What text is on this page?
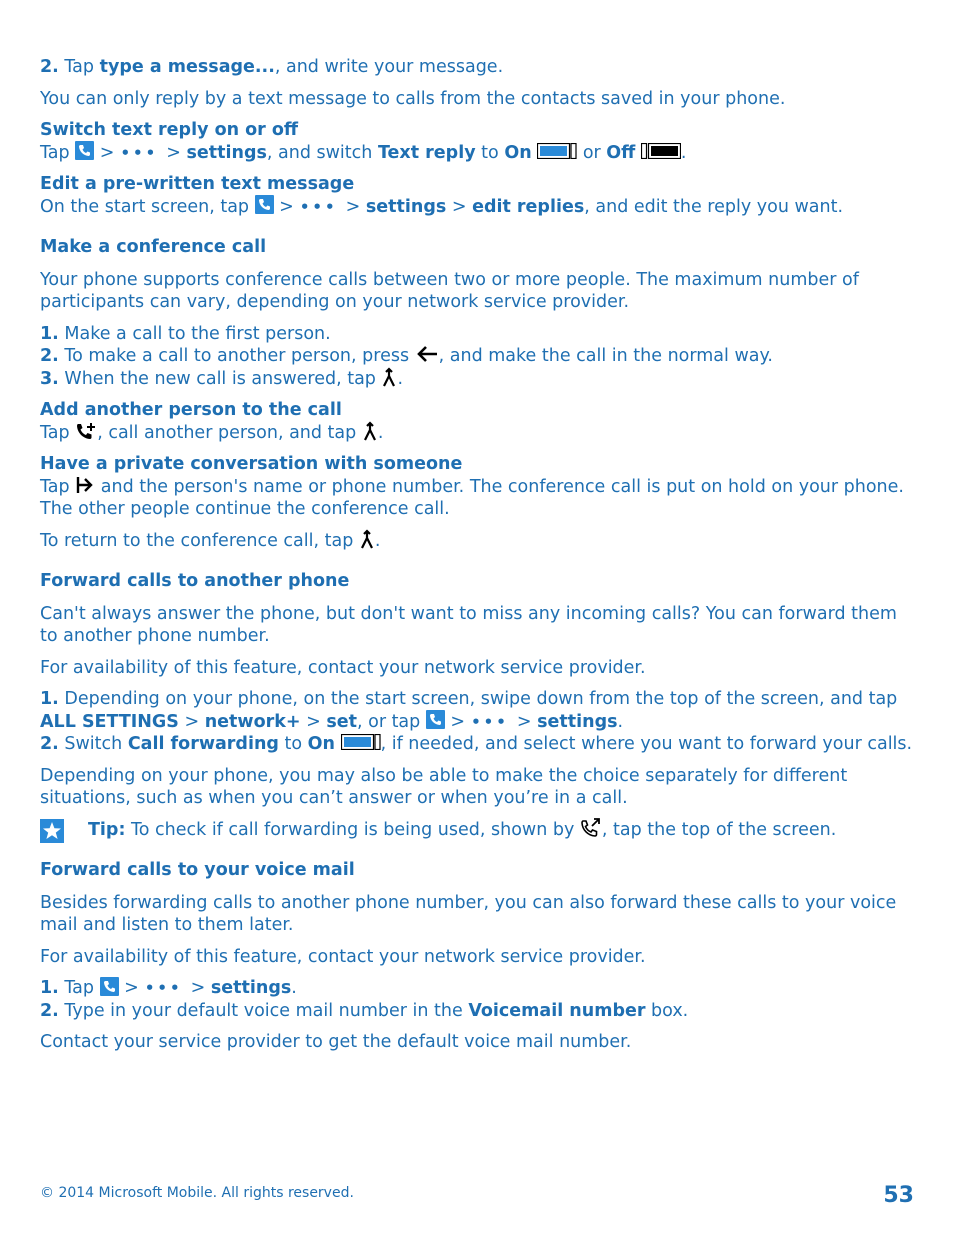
2. Tap type a message..., and write your message.
You can only reply by a text message to calls from the contacts saved in your phone.
Switch text reply on or off
Tap
> ••• > settings, and switch Text reply to On	or Off	.
Edit a pre-written text message
On the start screen, tap
> ••• > settings > edit replies, and edit the reply you want.
Make a conference call
Your phone supports conference calls between two or more people. The maximum number of participants can vary, depending on your network service provider.
1. Make a call to the first person.
2. To make a call to another person, press , and make the call in the normal way.
3. When the new call is answered, tap .
Add another person to the call
Tap , call another person, and tap .
Have a private conversation with someone
Tap  and the person's name or phone number. The conference call is put on hold on your phone. The other people continue the conference call.
To return to the conference call, tap .
Forward calls to another phone
Can't always answer the phone, but don't want to miss any incoming calls? You can forward them to another phone number.
For availability of this feature, contact your network service provider.
1. Depending on your phone, on the start screen, swipe down from the top of the screen, and tap
ALL SETTINGS > network+ > set, or tap
> ••• > settings.
2. Switch Call forwarding to On	, if needed, and select where you want to forward your calls.
Depending on your phone, you may also be able to make the choice separately for different situations, such as when you can’t answer or when you’re in a call.
Tip: To check if call forwarding is being used, shown by , tap the top of the screen.
Forward calls to your voice mail
Besides forwarding calls to another phone number, you can also forward these calls to your voice mail and listen to them later.
For availability of this feature, contact your network service provider.
1. Tap
> ••• > settings.
2. Type in your default voice mail number in the Voicemail number box.
Contact your service provider to get the default voice mail number.
© 2014 Microsoft Mobile. All rights reserved.	53
